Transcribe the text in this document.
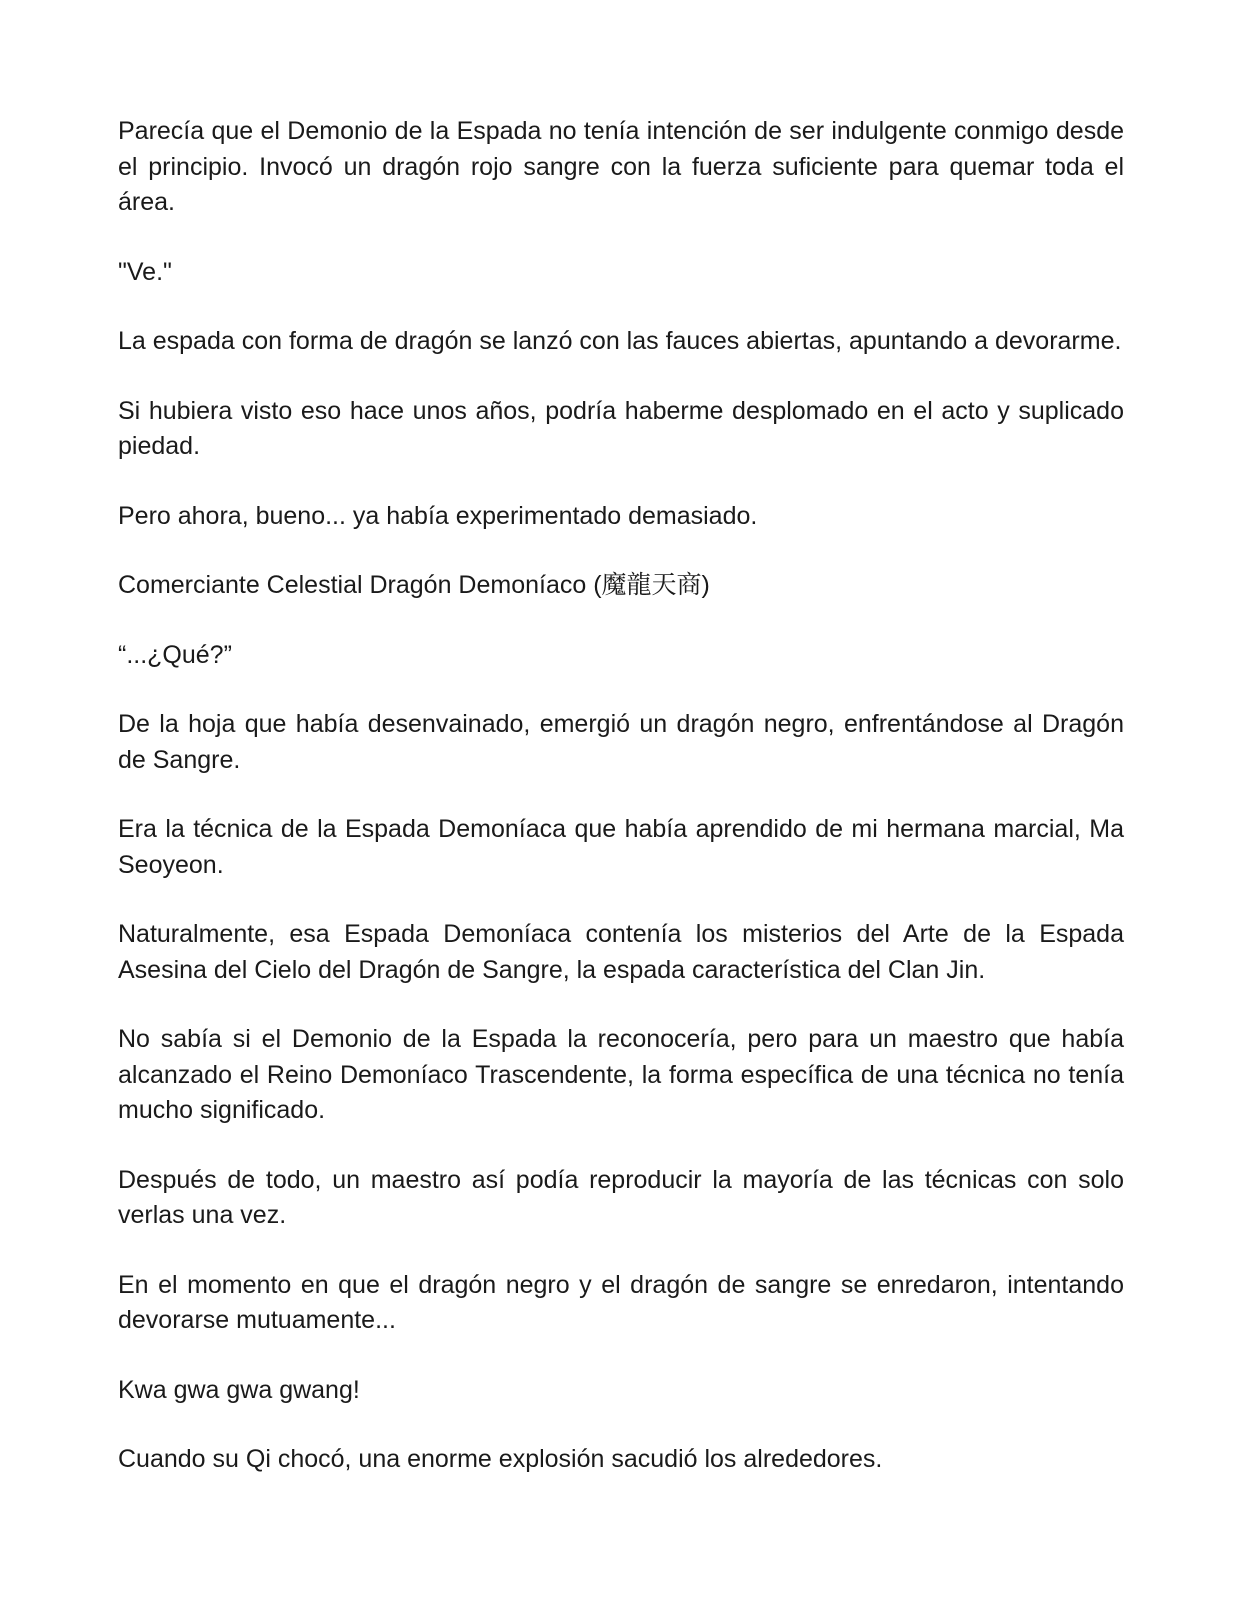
Parecía que el Demonio de la Espada no tenía intención de ser indulgente conmigo desde el principio. Invocó un dragón rojo sangre con la fuerza suficiente para quemar toda el área.

"Ve."

La espada con forma de dragón se lanzó con las fauces abiertas, apuntando a devorarme.

Si hubiera visto eso hace unos años, podría haberme desplomado en el acto y suplicado piedad.

Pero ahora, bueno... ya había experimentado demasiado.

Comerciante Celestial Dragón Demoníaco (魔龍天商)

“...¿Qué?”

De la hoja que había desenvainado, emergió un dragón negro, enfrentándose al Dragón de Sangre.

Era la técnica de la Espada Demoníaca que había aprendido de mi hermana marcial, Ma Seoyeon.

Naturalmente, esa Espada Demoníaca contenía los misterios del Arte de la Espada Asesina del Cielo del Dragón de Sangre, la espada característica del Clan Jin.

No sabía si el Demonio de la Espada la reconocería, pero para un maestro que había alcanzado el Reino Demoníaco Trascendente, la forma específica de una técnica no tenía mucho significado.

Después de todo, un maestro así podía reproducir la mayoría de las técnicas con solo verlas una vez.

En el momento en que el dragón negro y el dragón de sangre se enredaron, intentando devorarse mutuamente...

Kwa gwa gwa gwang!

Cuando su Qi chocó, una enorme explosión sacudió los alrededores.
